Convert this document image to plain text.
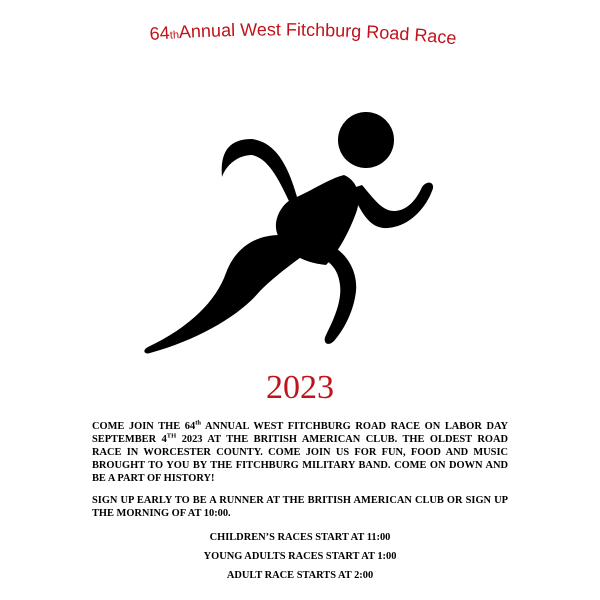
64thAnnual West Fitchburg Road Race
2023
COME JOIN THE 64th ANNUAL WEST FITCHBURG ROAD RACE ON LABOR DAY SEPTEMBER 4TH 2023 AT THE BRITISH AMERICAN CLUB. THE OLDEST ROAD RACE IN WORCESTER COUNTY. COME JOIN US FOR FUN, FOOD AND MUSIC BROUGHT TO YOU BY THE FITCHBURG MILITARY BAND. COME ON DOWN AND BE A PART OF HISTORY!
SIGN UP EARLY TO BE A RUNNER AT THE BRITISH AMERICAN CLUB OR SIGN UP THE MORNING OF AT 10:00.
CHILDREN’S RACES START AT 11:00
YOUNG ADULTS RACES START AT 1:00
ADULT RACE STARTS AT 2:00
